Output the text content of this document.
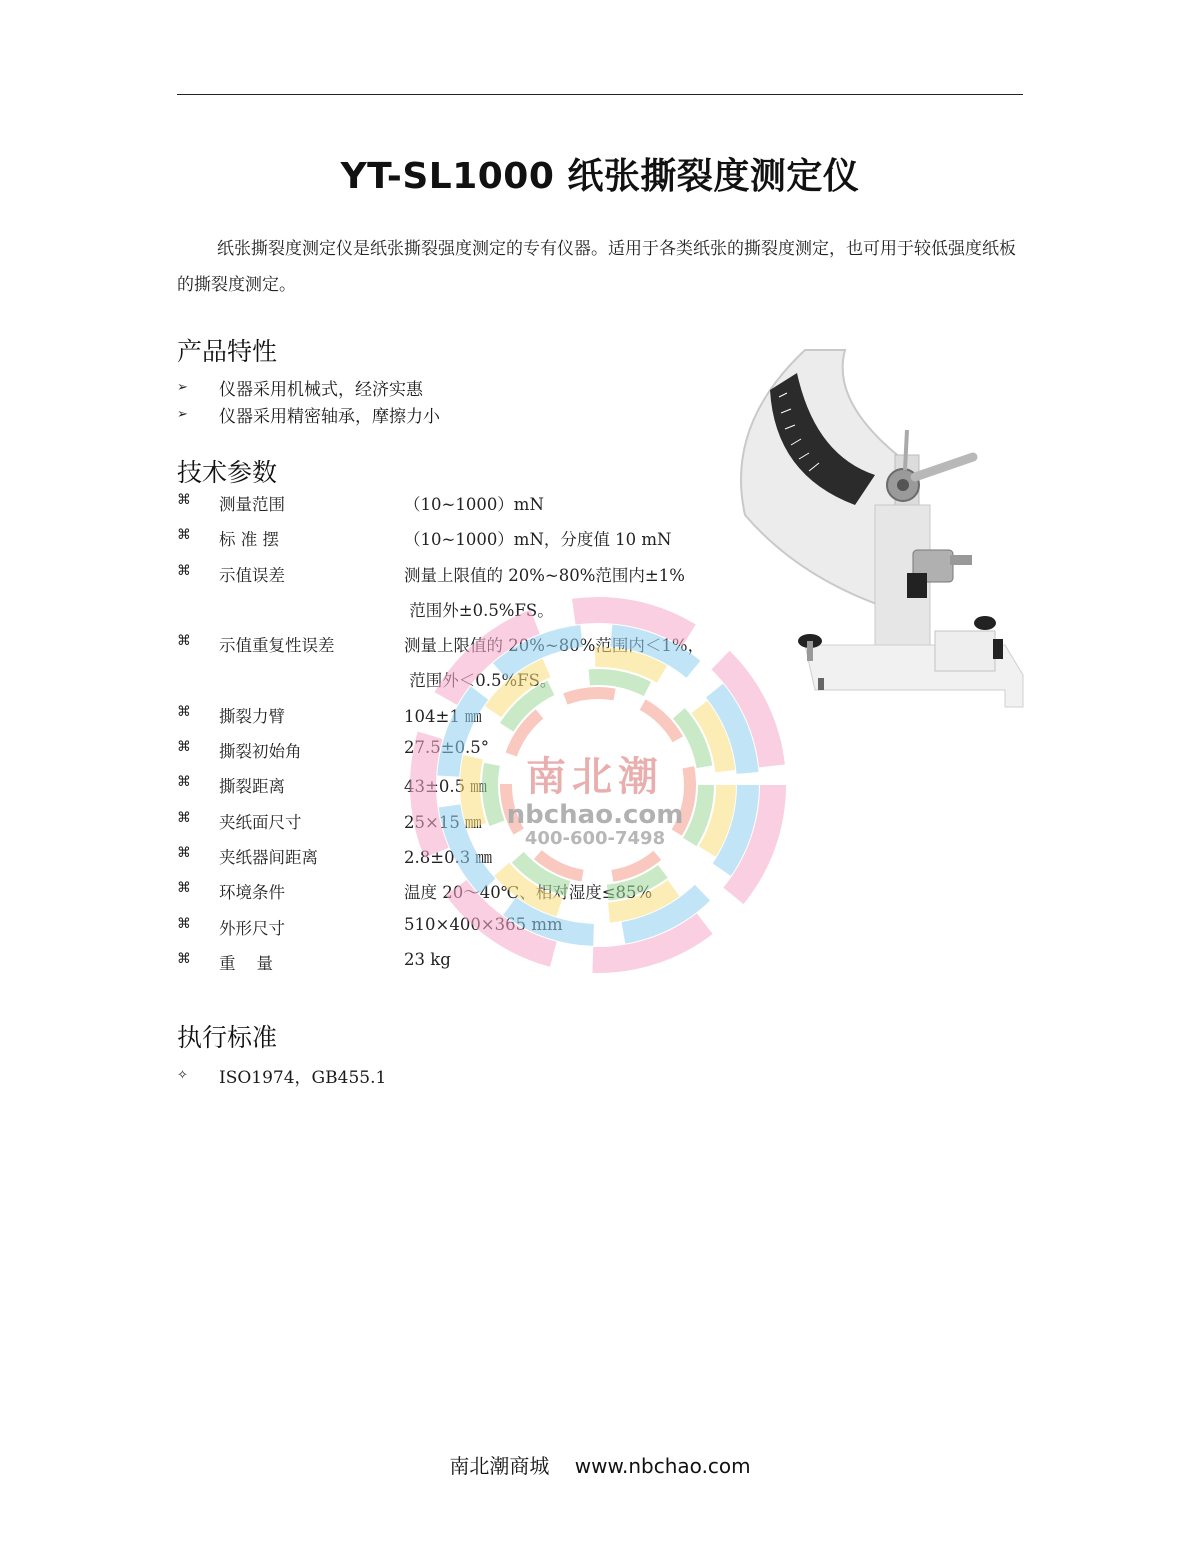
YT-SL1000 纸张撕裂度测定仪
纸张撕裂度测定仪是纸张撕裂强度测定的专有仪器。适用于各类纸张的撕裂度测定，也可用于较低强度纸板的撕裂度测定。
产品特性
➢	仪器采用机械式，经济实惠
➢	仪器采用精密轴承，摩擦力小
技术参数
⌘	测量范围	（10~1000）mN
⌘	标 准 摆	（10~1000）mN，分度值 10 mN
⌘	示值误差	测量上限值的 20%~80%范围内±1%
范围外±0.5%FS。
⌘	示值重复性误差	测量上限值的 20%~80%范围内＜1%，
范围外＜0.5%FS。
⌘	撕裂力臂	104±1 ㎜
⌘	撕裂初始角	27.5±0.5°
⌘	撕裂距离	43±0.5 ㎜
⌘	夹纸面尺寸	25×15 ㎜
⌘	夹纸器间距离	2.8±0.3 ㎜
⌘	环境条件	温度 20～40℃、相对湿度≤85%
⌘	外形尺寸	510×400×365 mm
⌘	重    量	23 kg
执行标准
✧	ISO1974，GB455.1
南北潮
nbchao.com
400-600-7498
南北潮商城    www.nbchao.com
